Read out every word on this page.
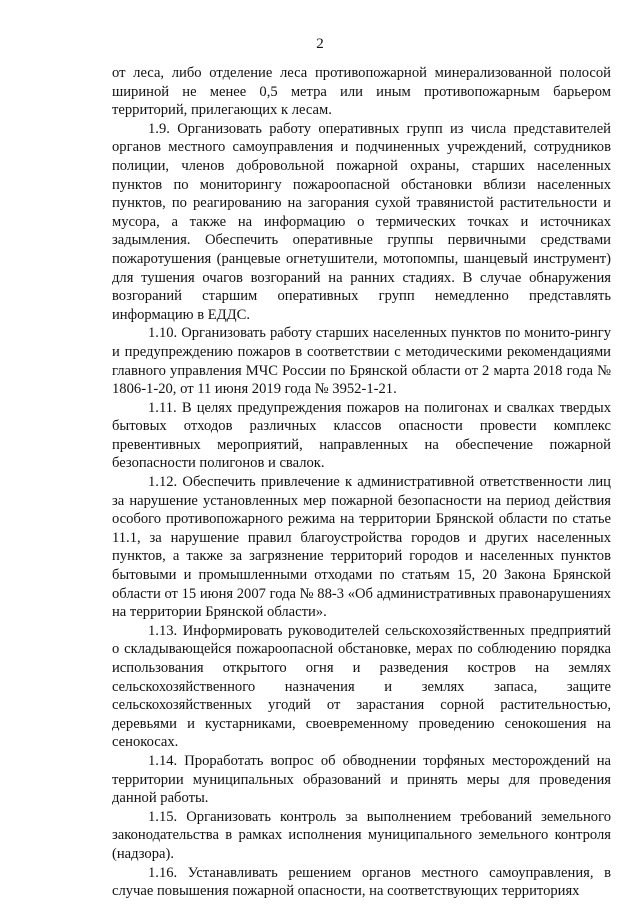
2

от леса, либо отделение леса противопожарной минерализованной полосой шириной не менее 0,5 метра или иным противопожарным барьером территорий, прилегающих к лесам.

1.9. Организовать работу оперативных групп из числа представителей органов местного самоуправления и подчиненных учреждений, сотрудников полиции, членов добровольной пожарной охраны, старших населенных пунктов по мониторингу пожароопасной обстановки вблизи населенных пунктов, по реагированию на загорания сухой травянистой растительности и мусора, а также на информацию о термических точках и источниках задымления. Обеспечить оперативные группы первичными средствами пожаротушения (ранцевые огнетушители, мотопомпы, шанцевый инструмент) для тушения очагов возгораний на ранних стадиях. В случае обнаружения возгораний старшим оперативных групп немедленно представлять информацию в ЕДДС.

1.10. Организовать работу старших населенных пунктов по монито-рингу и предупреждению пожаров в соответствии с методическими рекомендациями главного управления МЧС России по Брянской области от 2 марта 2018 года № 1806-1-20, от 11 июня 2019 года № 3952-1-21.

1.11. В целях предупреждения пожаров на полигонах и свалках твердых бытовых отходов различных классов опасности провести комплекс превентивных мероприятий, направленных на обеспечение пожарной безопасности полигонов и свалок.

1.12. Обеспечить привлечение к административной ответственности лиц за нарушение установленных мер пожарной безопасности на период действия особого противопожарного режима на территории Брянской области по статье 11.1, за нарушение правил благоустройства городов и других населенных пунктов, а также за загрязнение территорий городов и населенных пунктов бытовыми и промышленными отходами по статьям 15, 20 Закона Брянской области от 15 июня 2007 года № 88-3 «Об административных правонарушениях на территории Брянской области».

1.13. Информировать руководителей сельскохозяйственных предприятий о складывающейся пожароопасной обстановке, мерах по соблюдению порядка использования открытого огня и разведения костров на землях сельскохозяйственного назначения и землях запаса, защите сельскохозяйственных угодий от зарастания сорной растительностью, деревьями и кустарниками, своевременному проведению сенокошения на сенокосах.

1.14. Проработать вопрос об обводнении торфяных месторождений на территории муниципальных образований и принять меры для проведения данной работы.

1.15. Организовать контроль за выполнением требований земельного законодательства в рамках исполнения муниципального земельного контроля (надзора).

1.16. Устанавливать решением органов местного самоуправления, в случае повышения пожарной опасности, на соответствующих территориях
